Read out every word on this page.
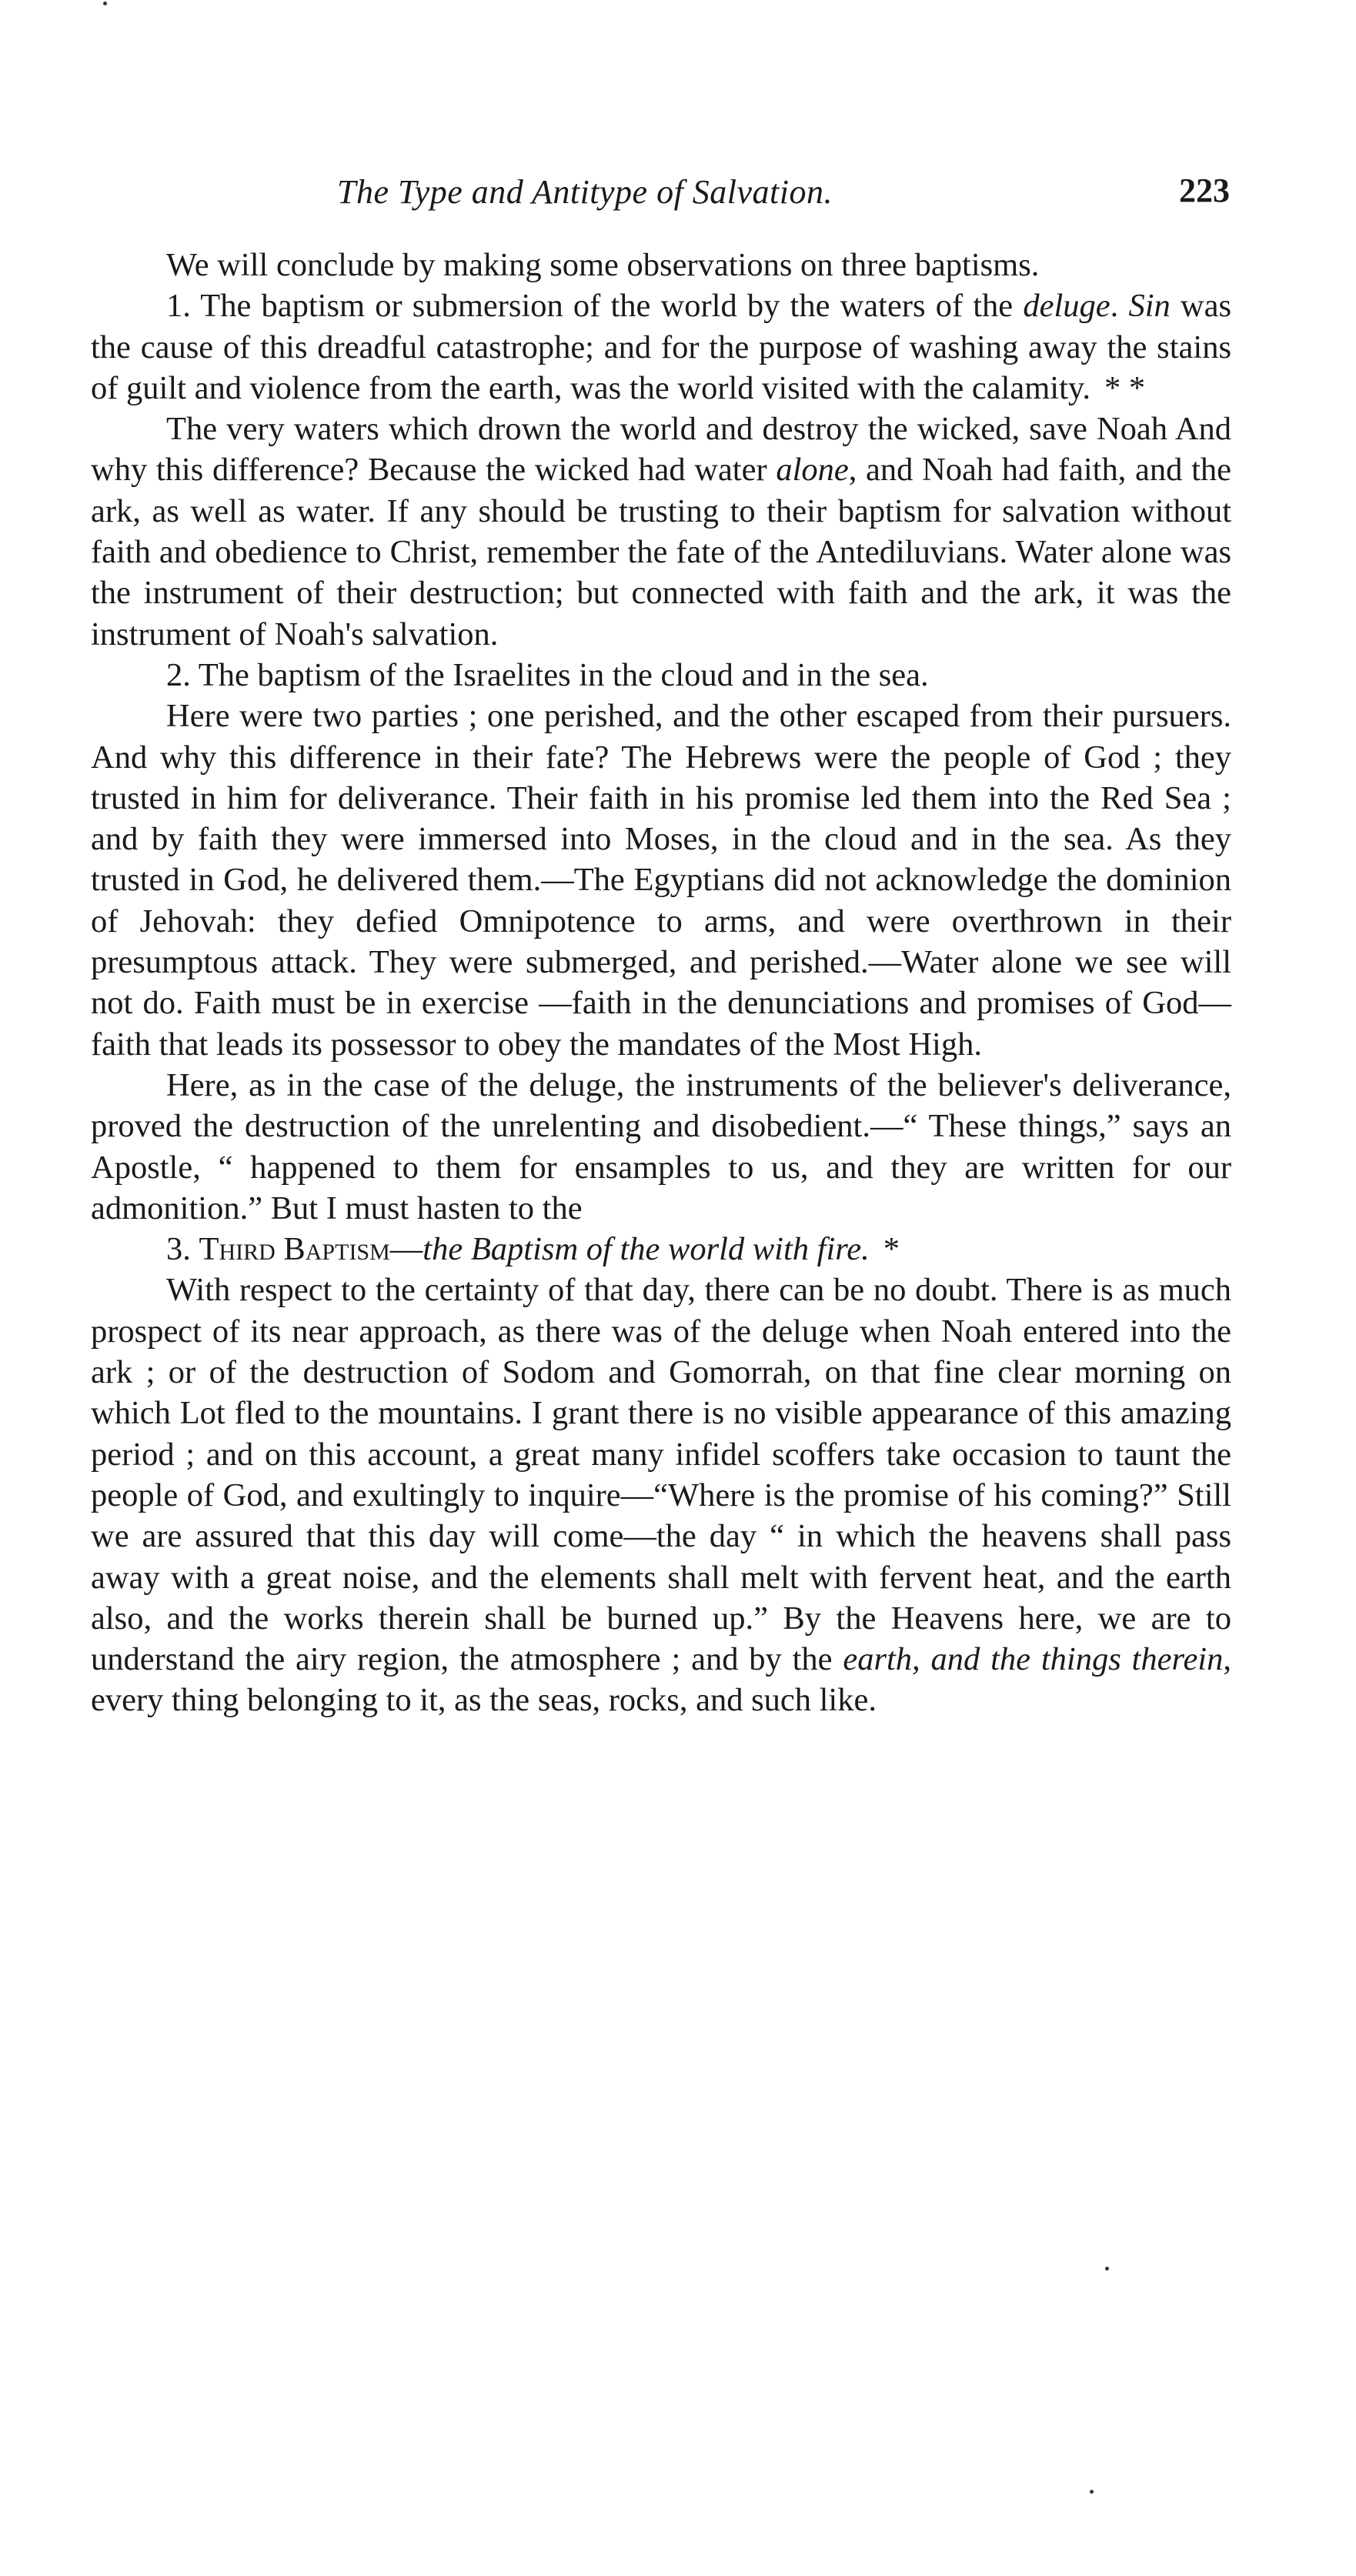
The Type and Antitype of Salvation.	223

We will conclude by making some observations on three baptisms.

1. The baptism or submersion of the world by the waters of the deluge. Sin was the cause of this dreadful catastrophe; and for the purpose of washing away the stains of guilt and violence from the earth, was the world visited with the calamity. * *

The very waters which drown the world and destroy the wicked, save Noah And why this difference? Because the wicked had water alone, and Noah had faith, and the ark, as well as water. If any should be trusting to their baptism for salvation without faith and obedience to Christ, remember the fate of the Antediluvians. Water alone was the instrument of their destruction; but connected with faith and the ark, it was the instrument of Noah's salvation.

2. The baptism of the Israelites in the cloud and in the sea.

Here were two parties ; one perished, and the other escaped from their pursuers. And why this difference in their fate? The Hebrews were the people of God ; they trusted in him for deliverance. Their faith in his promise led them into the Red Sea ; and by faith they were immersed into Moses, in the cloud and in the sea. As they trusted in God, he delivered them.—The Egyptians did not acknowledge the dominion of Jehovah: they defied Omnipotence to arms, and were overthrown in their presumptous attack. They were submerged, and perished.—Water alone we see will not do. Faith must be in exercise —faith in the denunciations and promises of God—faith that leads its possessor to obey the mandates of the Most High.

Here, as in the case of the deluge, the instruments of the believer's deliverance, proved the destruction of the unrelenting and disobedient.—“ These things,” says an Apostle, “ happened to them for ensamples to us, and they are written for our admonition.” But I must hasten to the

3. Third Baptism—the Baptism of the world with fire. *

With respect to the certainty of that day, there can be no doubt. There is as much prospect of its near approach, as there was of the deluge when Noah entered into the ark ; or of the destruction of Sodom and Gomorrah, on that fine clear morning on which Lot fled to the mountains. I grant there is no visible appearance of this amazing period ; and on this account, a great many infidel scoffers take occasion to taunt the people of God, and exultingly to inquire—“Where is the promise of his coming?” Still we are assured that this day will come—the day “ in which the heavens shall pass away with a great noise, and the elements shall melt with fervent heat, and the earth also, and the works therein shall be burned up.” By the Heavens here, we are to understand the airy region, the atmosphere ; and by the earth, and the things therein, every thing belonging to it, as the seas, rocks, and such like.
